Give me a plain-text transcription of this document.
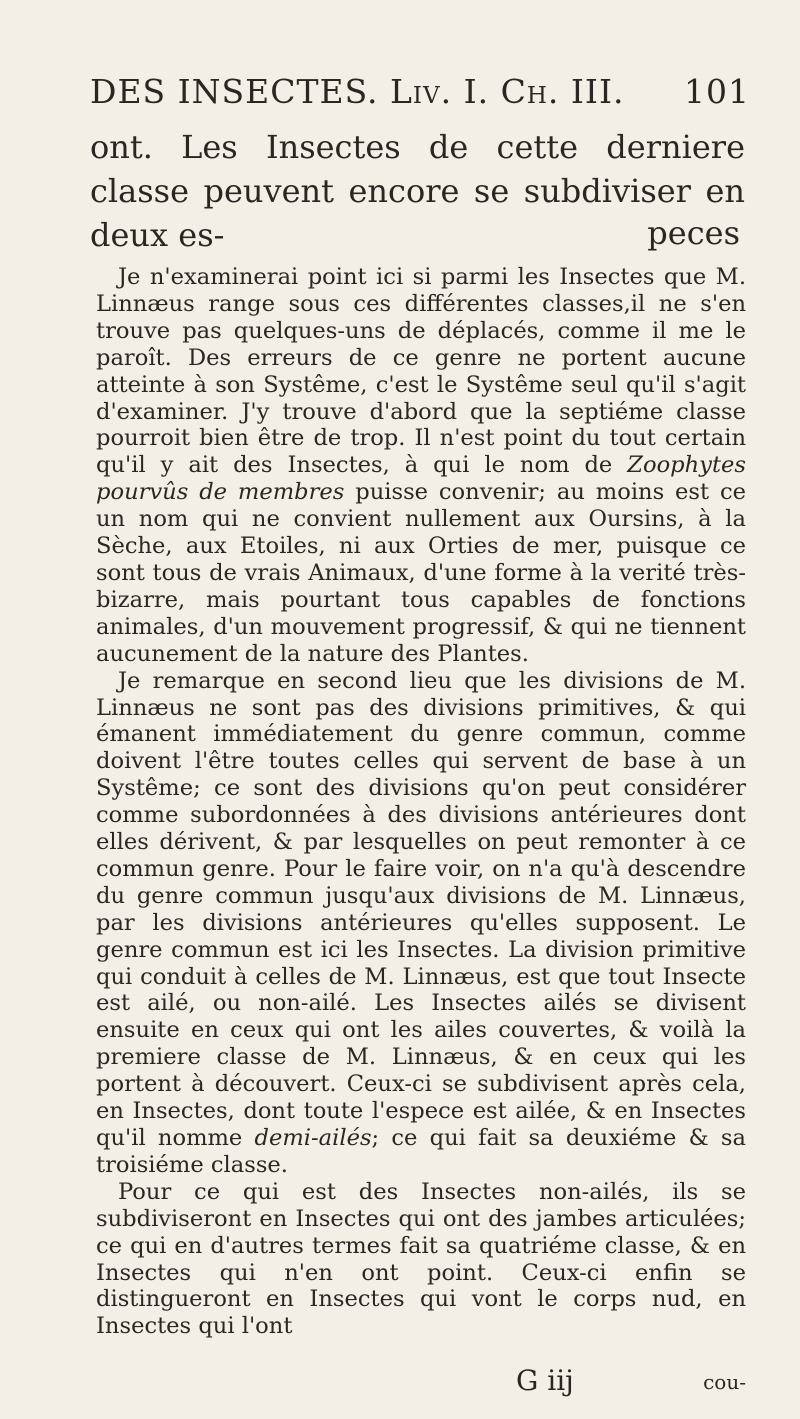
DES INSECTES. Liv. I. Ch. III. 101

ont. Les Insectes de cette derniere classe peuvent encore se subdiviser en deux es-	peces

Je n'examinerai point ici si parmi les Insectes que M. Linnæus range sous ces différentes classes,il ne s'en trouve pas quelques-uns de déplacés, comme il me le paroît. Des erreurs de ce genre ne portent aucune atteinte à son Systême, c'est le Systême seul qu'il s'agit d'examiner. J'y trouve d'abord que la septiéme classe pourroit bien être de trop. Il n'est point du tout certain qu'il y ait des Insectes, à qui le nom de Zoophytes pourvûs de membres puisse convenir; au moins est ce un nom qui ne convient nullement aux Oursins, à la Sèche, aux Etoiles, ni aux Orties de mer, puisque ce sont tous de vrais Animaux, d'une forme à la verité très-bizarre, mais pourtant tous capables de fonctions animales, d'un mouvement progressif, & qui ne tiennent aucunement de la nature des Plantes.

Je remarque en second lieu que les divisions de M. Linnæus ne sont pas des divisions primitives, & qui émanent immédiatement du genre commun, comme doivent l'être toutes celles qui servent de base à un Systême; ce sont des divisions qu'on peut considérer comme subordonnées à des divisions antérieures dont elles dérivent, & par lesquelles on peut remonter à ce commun genre. Pour le faire voir, on n'a qu'à descendre du genre commun jusqu'aux divisions de M. Linnæus, par les divisions antérieures qu'elles supposent. Le genre commun est ici les Insectes. La division primitive qui conduit à celles de M. Linnæus, est que tout Insecte est ailé, ou non-ailé. Les Insectes ailés se divisent ensuite en ceux qui ont les ailes couvertes, & voilà la premiere classe de M. Linnæus, & en ceux qui les portent à découvert. Ceux-ci se subdivisent après cela, en Insectes, dont toute l'espece est ailée, & en Insectes qu'il nomme demi-ailés; ce qui fait sa deuxiéme & sa troisiéme classe.

Pour ce qui est des Insectes non-ailés, ils se subdiviseront en Insectes qui ont des jambes articulées; ce qui en d'autres termes fait sa quatriéme classe, & en Insectes qui n'en ont point. Ceux-ci enfin se distingueront en Insectes qui vont le corps nud, en Insectes qui l'ont

G iij	cou-
